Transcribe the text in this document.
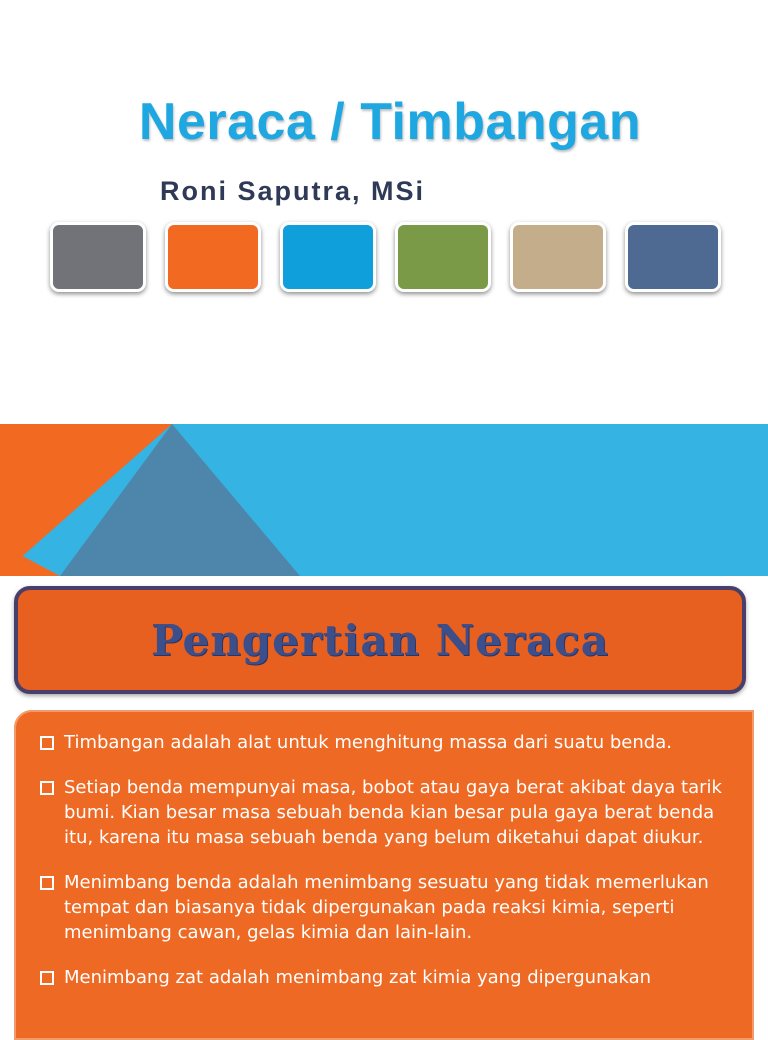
Neraca / Timbangan
Roni Saputra, MSi
Pengertian Neraca
Timbangan adalah alat untuk menghitung massa dari suatu benda.
Setiap benda mempunyai masa, bobot atau gaya berat akibat daya tarik bumi. Kian besar masa sebuah benda kian besar pula gaya berat benda itu, karena itu masa sebuah benda yang belum diketahui dapat diukur.
Menimbang benda adalah menimbang sesuatu yang tidak memerlukan tempat dan biasanya tidak dipergunakan pada reaksi kimia, seperti menimbang cawan, gelas kimia dan lain-lain.
Menimbang zat adalah menimbang zat kimia yang dipergunakan
